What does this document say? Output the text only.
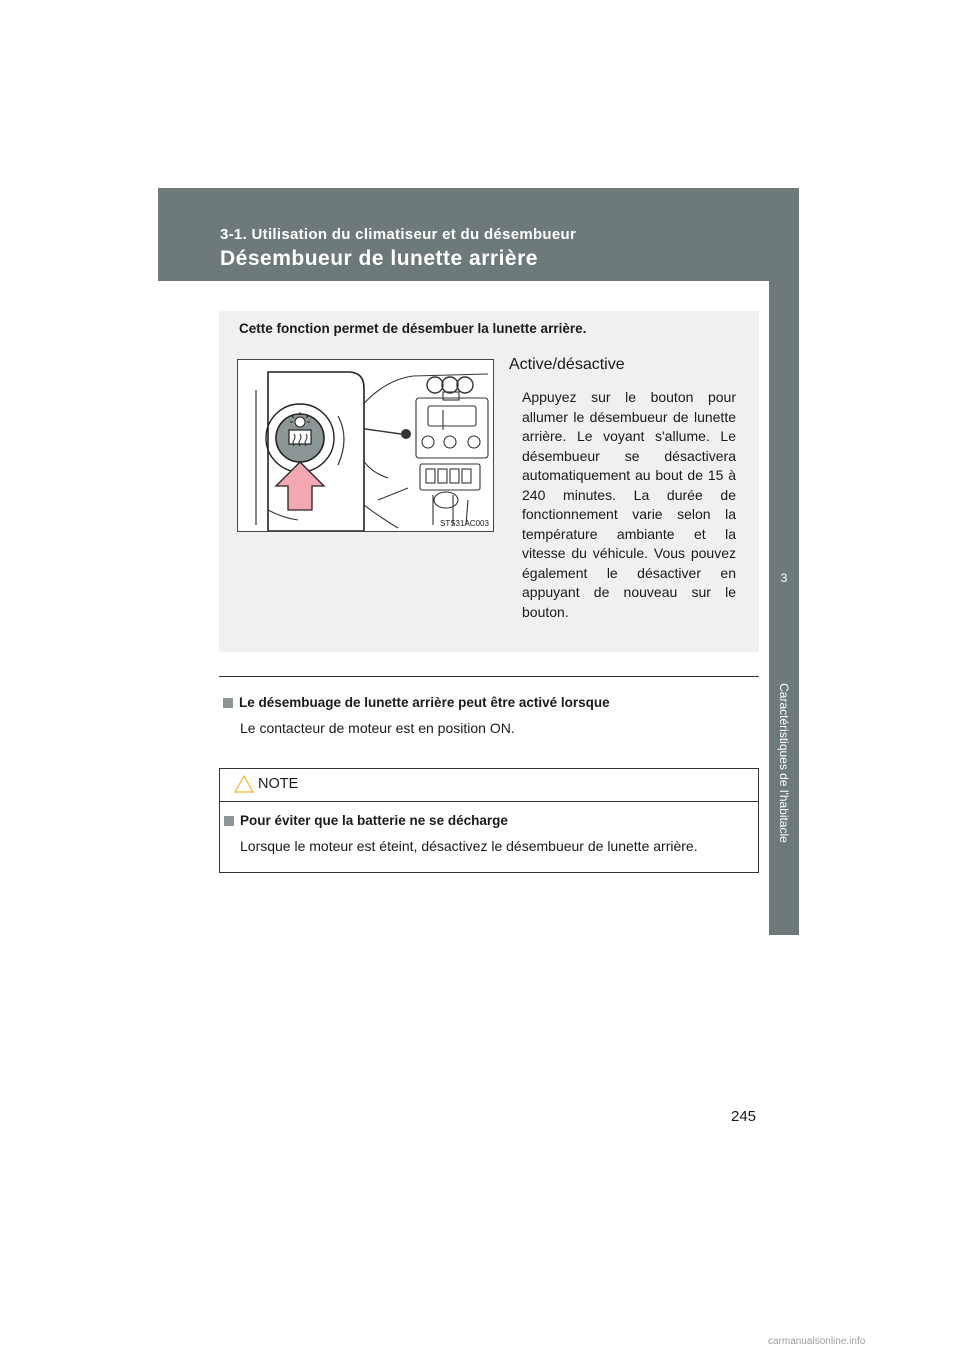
3-1. Utilisation du climatiseur et du désembueur
Désembueur de lunette arrière
3
Caractéristiques de l'habitacle
Cette fonction permet de désembuer la lunette arrière.
STS31AC003
Active/désactive
Appuyez sur le bouton pour allumer le désembueur de lunette arrière. Le voyant s'allume. Le désembueur se désactivera automatiquement au bout de 15 à 240 minutes. La durée de fonctionnement varie selon la température ambiante et la vitesse du véhicule. Vous pouvez également le désactiver en appuyant de nouveau sur le bouton.
Le désembuage de lunette arrière peut être activé lorsque
Le contacteur de moteur est en position ON.
NOTE
Pour éviter que la batterie ne se décharge
Lorsque le moteur est éteint, désactivez le désembueur de lunette arrière.
245
carmanualsonline.info
